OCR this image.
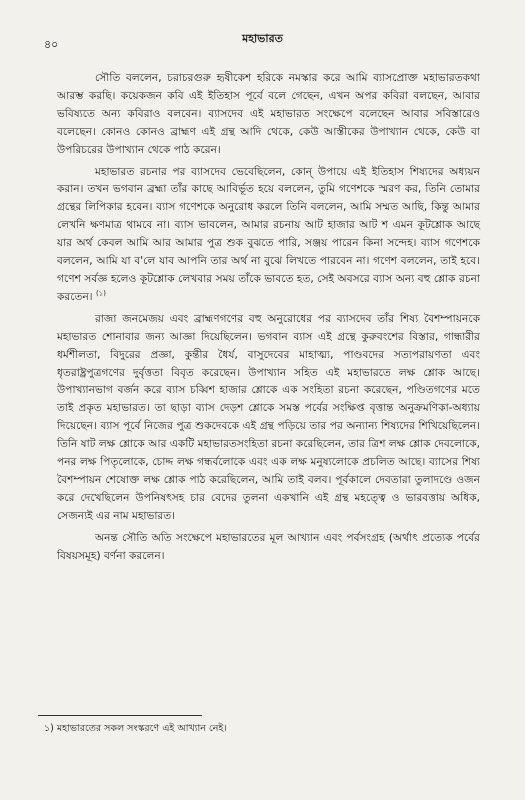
৪০	মহাভারত

সৌতি বললেন, চরাচরগুরু হৃষীকেশ হরিকে নমস্কার করে আমি ব্যাসপ্রোক্ত মহাভারতকথা আরম্ভ করছি। কয়েকজন কবি এই ইতিহাস পূর্বে বলে গেছেন, এখন অপর কবিরা বলছেন, আবার ভবিষ্যতে অন্য কবিরাও বলবেন। ব্যাসদেব এই মহাভারত সংক্ষেপে বলেছেন আবার সবিস্তারেও বলেছেন। কোনও কোনও ব্রাহ্মণ এই গ্রন্থ আদি থেকে, কেউ আস্তীকের উপাখ্যান থেকে, কেউ বা উপরিচরের উপাখ্যান থেকে পাঠ করেন।

মহাভারত রচনার পর ব্যাসদেব ভেবেছিলেন, কোন্‌ উপায়ে এই ইতিহাস শিষ্যদের অধ্যয়ন করান। তখন ভগবান ব্রহ্মা তাঁর কাছে আবির্ভূত হয়ে বললেন, তুমি গণেশকে স্মরণ কর, তিনি তোমার গ্রন্থের লিপিকার হবেন। ব্যাস গণেশকে অনুরোধ করলে তিনি বললেন, আমি সম্মত আছি, কিন্তু আমার লেখনি ক্ষণমাত্র থামবে না। ব্যাস ভাবলেন, আমার রচনায় আট হাজার আট শ এমন কূটশ্লোক আছে যার অর্থ কেবল আমি আর আমার পুত্র শুক বুঝতে পারি, সঞ্জয় পারেন কিনা সন্দেহ। ব্যাস গণেশকে বললেন, আমি যা ব'লে যাব আপনি তার অর্থ না বুঝে লিখতে পারবেন না। গণেশ বললেন, তাই হবে। গণেশ সর্বজ্ঞ হলেও কূটশ্লোক লেখবার সময় তাঁকে ভাবতে হত, সেই অবসরে ব্যাস অন্য বহু শ্লোক রচনা করতেন। $^{(১)}$

রাজা জনমেজয় এবং ব্রাহ্মণগণের বহু অনুরোধের পর ব্যাসদেব তাঁর শিষ্য বৈশম্পায়নকে মহাভারত শোনাবার জন্য আজ্ঞা দিয়েছিলেন। ভগবান ব্যাস এই গ্রন্থে কুরুবংশের বিস্তার, গান্ধারীর ধর্মশীলতা, বিদুরের প্রজ্ঞা, কুন্তীর ধৈর্য, বাসুদেবের মাহাত্ম্য, পাণ্ডবদের সত্যপরায়ণতা এবং ধৃতরাষ্ট্রপুত্রগণের দুর্বৃত্ততা বিবৃত করেছেন। উপাখ্যান সহিত এই মহাভারতে লক্ষ শ্লোক আছে। উপাখ্যানভাগ বর্জন করে ব্যাস চব্বিশ হাজার শ্লোকে এক সংহিতা রচনা করেছেন, পণ্ডিতগণের মতে তাই প্রকৃত মহাভারত। তা ছাড়া ব্যাস দেড়শ শ্লোকে সমস্ত পর্বের সংক্ষিপ্ত বৃত্তান্ত অনুক্রমণিকা-অধ্যায় দিয়েছেন। ব্যাস পূর্বে নিজের পুত্র শুকদেবকে এই গ্রন্থ পড়িয়ে তার পর অন্যান্য শিষ্যদের শিখিয়েছিলেন। তিনি ষাট লক্ষ শ্লোকে আর একটি মহাভারতসংহিতা রচনা করেছিলেন, তার ত্রিশ লক্ষ শ্লোক দেবলোকে, পনর লক্ষ পিতৃলোকে, চোদ্দ লক্ষ গন্ধর্বলোকে এবং এক লক্ষ মনুষ্যলোকে প্রচলিত আছে। ব্যাসের শিষ্য বৈশম্পায়ন শেষোক্ত লক্ষ শ্লোক পাঠ করেছিলেন, আমি তাই বলব। পূর্বকালে দেবতারা তুলাদণ্ডে ওজন করে দেখেছিলেন উপনিষৎসহ চার বেদের তুলনা একখানি এই গ্রন্থ মহত্ত্বে ও ভারবত্তায় অধিক, সেজন্যই এর নাম মহাভারত।

অনন্ত সৌতি অতি সংক্ষেপে মহাভারতের মূল আখ্যান এবং পর্বসংগ্রহ (অর্থাৎ প্রত্যেক পর্বের বিষয়সমূহ) বর্ণনা করলেন।

১) মহাভারতের সকল সংস্করণে এই আখ্যান নেই।
